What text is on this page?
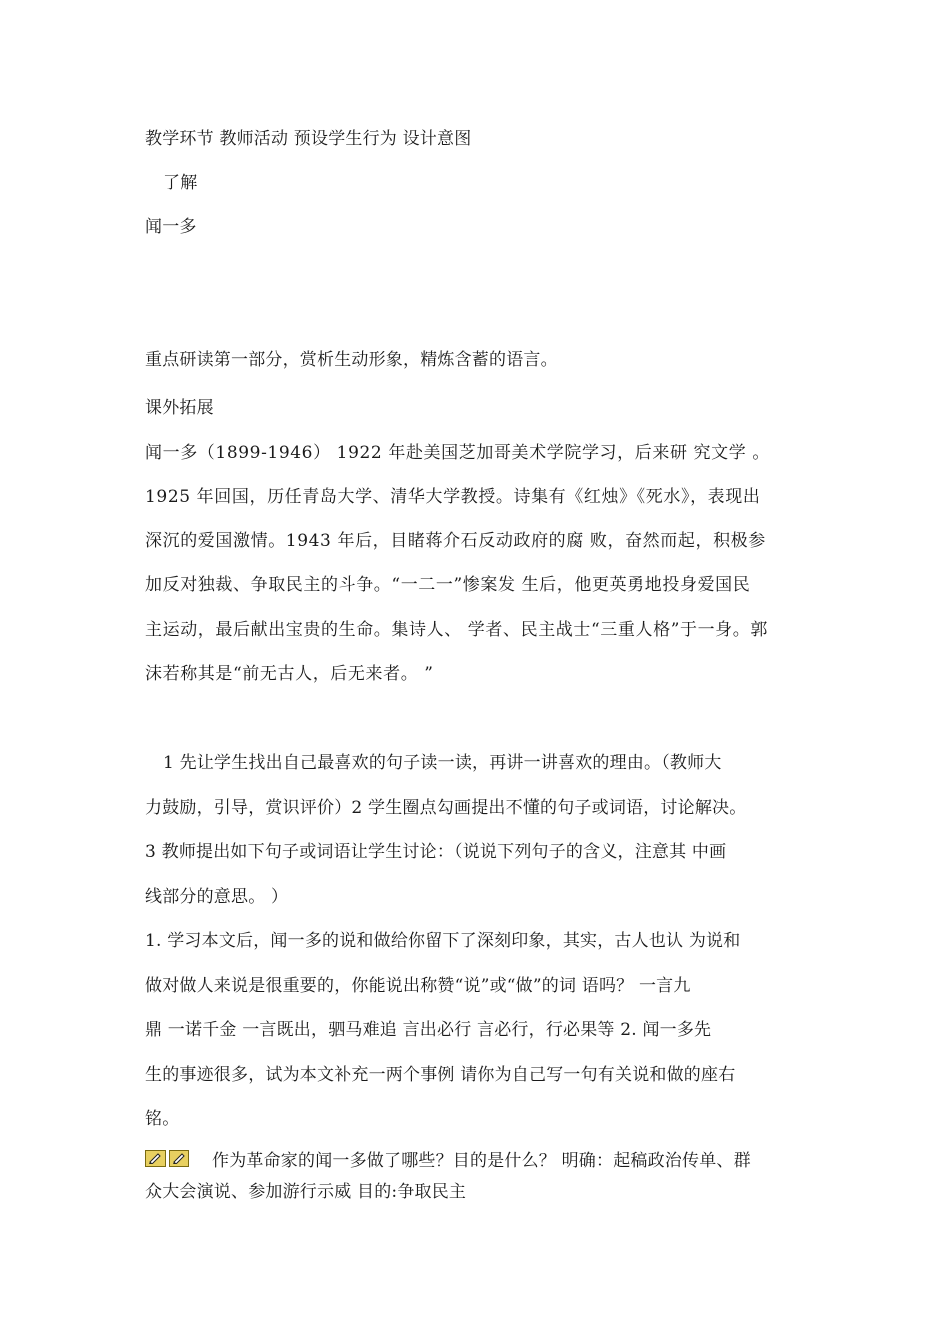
教学环节 教师活动 预设学生行为 设计意图
了解
闻一多
重点研读第一部分，赏析生动形象，精炼含蓄的语言。
课外拓展
闻一多（1899-1946） 1922 年赴美国芝加哥美术学院学习，后来研 究文学 。
1925 年回国，历任青岛大学、清华大学教授。诗集有《红烛》《死水》，表现出
深沉的爱国激情。1943 年后，目睹蒋介石反动政府的腐 败，奋然而起，积极参
加反对独裁、争取民主的斗争。“一二一”惨案发 生后，他更英勇地投身爱国民
主运动，最后献出宝贵的生命。集诗人、 学者、民主战士“三重人格”于一身。郭
沫若称其是“前无古人，后无来者。 ”
1 先让学生找出自己最喜欢的句子读一读，再讲一讲喜欢的理由。（教师大
力鼓励，引导，赏识评价）2 学生圈点勾画提出不懂的句子或词语，讨论解决。
3 教师提出如下句子或词语让学生讨论：（说说下列句子的含义，注意其 中画
线部分的意思。 ）
1. 学习本文后，闻一多的说和做给你留下了深刻印象，其实，古人也认 为说和
做对做人来说是很重要的，你能说出称赞“说”或“做”的词 语吗？ 一言九
鼎 一诺千金 一言既出，驷马难追 言出必行 言必行，行必果等 2. 闻一多先
生的事迹很多，试为本文补充一两个事例 请你为自己写一句有关说和做的座右
铭。
作为革命家的闻一多做了哪些？目的是什么？ 明确：起稿政治传单、群
众大会演说、参加游行示威 目的:争取民主
